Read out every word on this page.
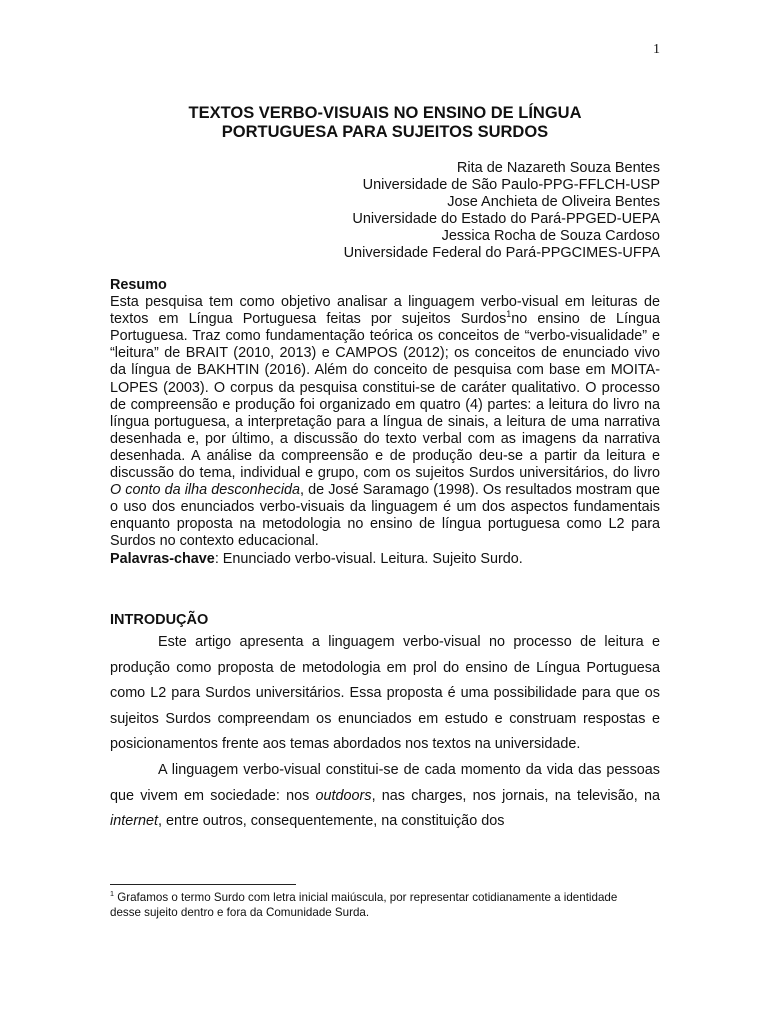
1
TEXTOS VERBO-VISUAIS NO ENSINO DE LÍNGUA
PORTUGUESA PARA SUJEITOS SURDOS
Rita de Nazareth Souza Bentes
Universidade de São Paulo-PPG-FFLCH-USP
Jose Anchieta de Oliveira Bentes
Universidade do Estado do Pará-PPGED-UEPA
Jessica Rocha de Souza Cardoso
Universidade Federal do Pará-PPGCIMES-UFPA
Resumo
Esta pesquisa tem como objetivo analisar a linguagem verbo-visual em leituras de textos em Língua Portuguesa feitas por sujeitos Surdos$^1$no ensino de Língua Portuguesa. Traz como fundamentação teórica os conceitos de “verbo-visualidade” e “leitura” de BRAIT (2010, 2013) e CAMPOS (2012); os conceitos de enunciado vivo da língua de BAKHTIN (2016). Além do conceito de pesquisa com base em MOITA-LOPES (2003). O corpus da pesquisa constitui-se de caráter qualitativo. O processo de compreensão e produção foi organizado em quatro (4) partes: a leitura do livro na língua portuguesa, a interpretação para a língua de sinais, a leitura de uma narrativa desenhada e, por último, a discussão do texto verbal com as imagens da narrativa desenhada. A análise da compreensão e de produção deu-se a partir da leitura e discussão do tema, individual e grupo, com os sujeitos Surdos universitários, do livro O conto da ilha desconhecida, de José Saramago (1998). Os resultados mostram que o uso dos enunciados verbo-visuais da linguagem é um dos aspectos fundamentais enquanto proposta na metodologia no ensino de língua portuguesa como L2 para Surdos no contexto educacional.
Palavras-chave: Enunciado verbo-visual. Leitura. Sujeito Surdo.
INTRODUÇÃO

Este artigo apresenta a linguagem verbo-visual no processo de leitura e produção como proposta de metodologia em prol do ensino de Língua Portuguesa como L2 para Surdos universitários. Essa proposta é uma possibilidade para que os sujeitos Surdos compreendam os enunciados em estudo e construam respostas e posicionamentos frente aos temas abordados nos textos na universidade.

A linguagem verbo-visual constitui-se de cada momento da vida das pessoas que vivem em sociedade: nos outdoors, nas charges, nos jornais, na televisão, na internet, entre outros, consequentemente, na constituição dos

$^1$ Grafamos o termo Surdo com letra inicial maiúscula, por representar cotidianamente a identidade desse sujeito dentro e fora da Comunidade Surda.
